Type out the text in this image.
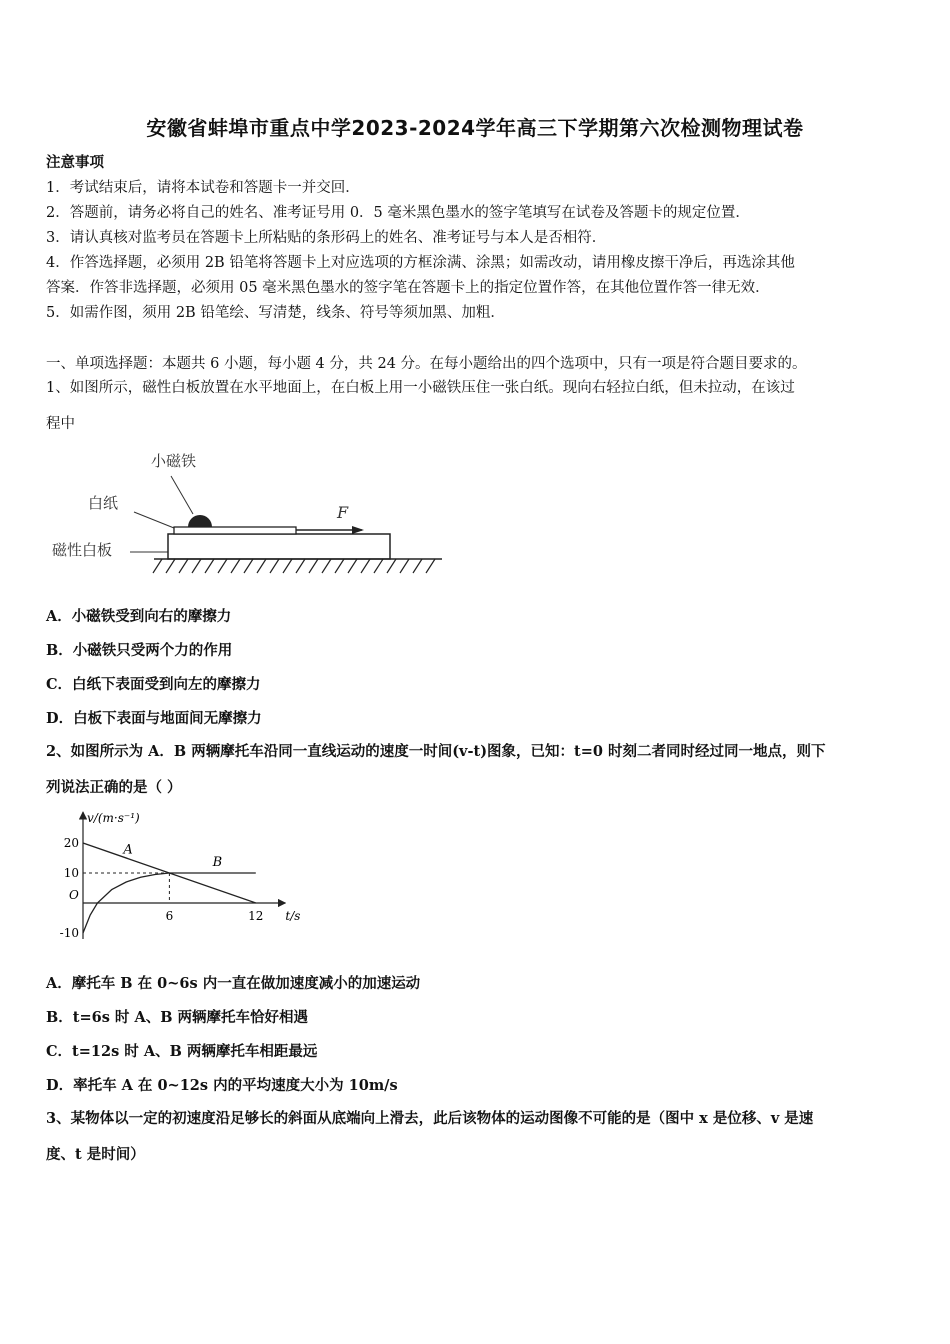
安徽省蚌埠市重点中学2023-2024学年高三下学期第六次检测物理试卷
注意事项
1．考试结束后，请将本试卷和答题卡一并交回．
2．答题前，请务必将自己的姓名、准考证号用 0．5 毫米黑色墨水的签字笔填写在试卷及答题卡的规定位置．
3．请认真核对监考员在答题卡上所粘贴的条形码上的姓名、准考证号与本人是否相符．
4．作答选择题，必须用 2B 铅笔将答题卡上对应选项的方框涂满、涂黑；如需改动，请用橡皮擦干净后，再选涂其他
答案．作答非选择题，必须用 05 毫米黑色墨水的签字笔在答题卡上的指定位置作答，在其他位置作答一律无效．
5．如需作图，须用 2B 铅笔绘、写清楚，线条、符号等须加黑、加粗．
一、单项选择题：本题共 6 小题，每小题 4 分，共 24 分。在每小题给出的四个选项中，只有一项是符合题目要求的。
1、如图所示，磁性白板放置在水平地面上，在白板上用一小磁铁压住一张白纸。现向右轻拉白纸，但未拉动，在该过
程中
小磁铁
白纸
磁性白板
F
A．小磁铁受到向右的摩擦力
B．小磁铁只受两个力的作用
C．白纸下表面受到向左的摩擦力
D．白板下表面与地面间无摩擦力
2、如图所示为 A．B 两辆摩托车沿同一直线运动的速度一时间(v-t)图象，已知：t=0 时刻二者同时经过同一地点，则下
列说法正确的是（ ）
v/(m·s⁻¹)
t/s
O
20
10
-10
6	12
A
B
A．摩托车 B 在 0~6s 内一直在做加速度减小的加速运动
B．t=6s 时 A、B 两辆摩托车恰好相遇
C．t=12s 时 A、B 两辆摩托车相距最远
D．率托车 A 在 0~12s 内的平均速度大小为 10m/s
3、某物体以一定的初速度沿足够长的斜面从底端向上滑去，此后该物体的运动图像不可能的是（图中 x 是位移、v 是速
度、t 是时间）
